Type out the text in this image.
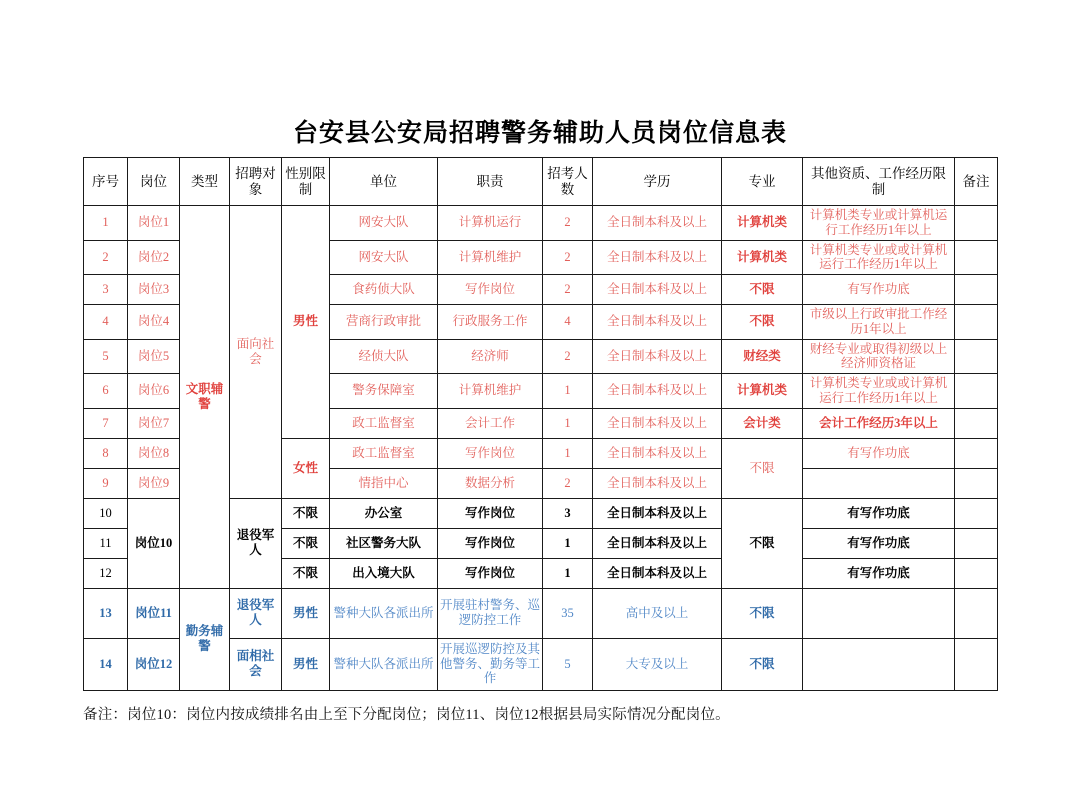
台安县公安局招聘警务辅助人员岗位信息表
序号	岗位	类型	招聘对象	性别限制	单位	职责	招考人数	学历	专业	其他资质、工作经历限制	备注
1	岗位1	文职辅警	面向社会	男性	网安大队	计算机运行	2	全日制本科及以上	计算机类	计算机类专业或计算机运行工作经历1年以上	
2	岗位2				网安大队	计算机维护	2	全日制本科及以上	计算机类	计算机类专业或或计算机运行工作经历1年以上	
3	岗位3				食药侦大队	写作岗位	2	全日制本科及以上	不限	有写作功底	
4	岗位4				营商行政审批	行政服务工作	4	全日制本科及以上	不限	市级以上行政审批工作经历1年以上	
5	岗位5				经侦大队	经济师	2	全日制本科及以上	财经类	财经专业或取得初级以上经济师资格证	
6	岗位6				警务保障室	计算机维护	1	全日制本科及以上	计算机类	计算机类专业或或计算机运行工作经历1年以上	
7	岗位7				政工监督室	会计工作	1	全日制本科及以上	会计类	会计工作经历3年以上	
8	岗位8			女性	政工监督室	写作岗位	1	全日制本科及以上	不限	有写作功底	
9	岗位9				情指中心	数据分析	2	全日制本科及以上			
10	岗位10		退役军人	不限	办公室	写作岗位	3	全日制本科及以上	不限	有写作功底	
11				不限	社区警务大队	写作岗位	1	全日制本科及以上		有写作功底	
12				不限	出入境大队	写作岗位	1	全日制本科及以上		有写作功底	
13	岗位11	勤务辅警	退役军人	男性	警种大队各派出所	开展驻村警务、巡逻防控工作	35	高中及以上	不限		
14	岗位12		面相社会	男性	警种大队各派出所	开展巡逻防控及其他警务、勤务等工作	5	大专及以上	不限		
备注：岗位10：岗位内按成绩排名由上至下分配岗位；岗位11、岗位12根据县局实际情况分配岗位。
